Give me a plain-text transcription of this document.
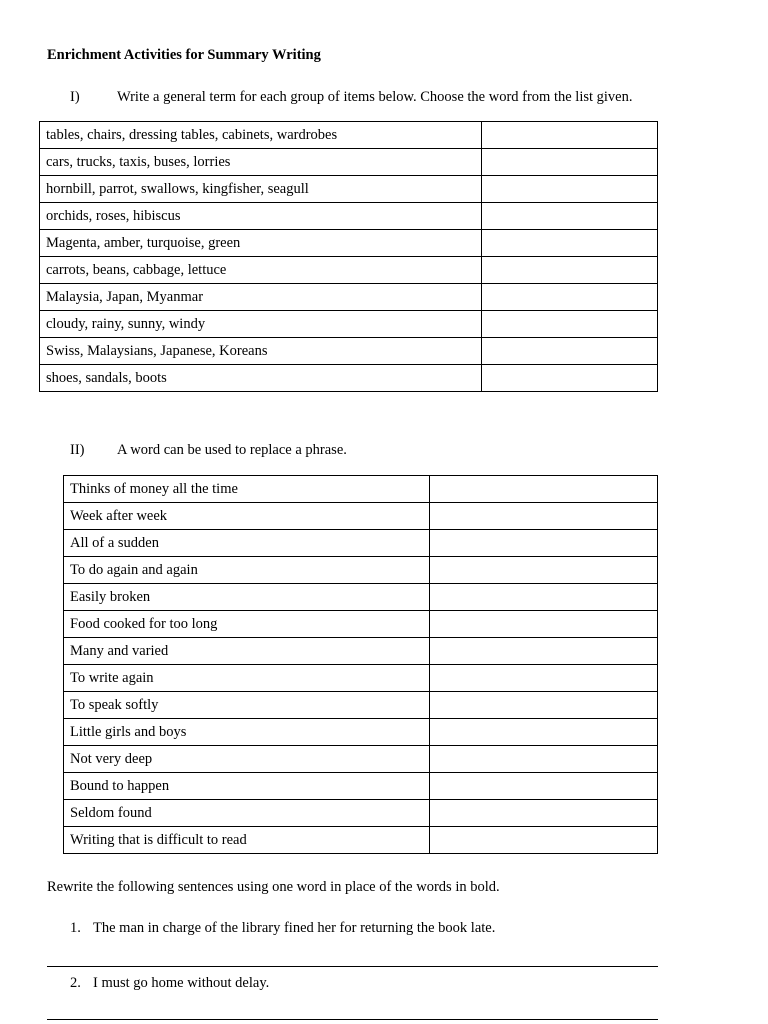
Enrichment Activities for Summary Writing
I)	Write a general term for each group of items below. Choose the word from the list given.
tables, chairs, dressing tables, cabinets, wardrobes	
cars, trucks, taxis, buses, lorries	
hornbill, parrot, swallows, kingfisher, seagull	
orchids, roses, hibiscus	
Magenta, amber, turquoise, green	
carrots, beans, cabbage, lettuce	
Malaysia, Japan, Myanmar	
cloudy, rainy, sunny, windy	
Swiss, Malaysians, Japanese, Koreans	
shoes, sandals, boots	
II) A word can be used to replace a phrase.
Thinks of money all the time	
Week after week	
All of a sudden	
To do again and again	
Easily broken	
Food cooked for too long	
Many and varied	
To write again	
To speak softly	
Little girls and boys	
Not very deep	
Bound to happen	
Seldom found	
Writing that is difficult to read	
Rewrite the following sentences using one word in place of the words in bold.
1. The man in charge of the library fined her for returning the book late.
2. I must go home without delay.
